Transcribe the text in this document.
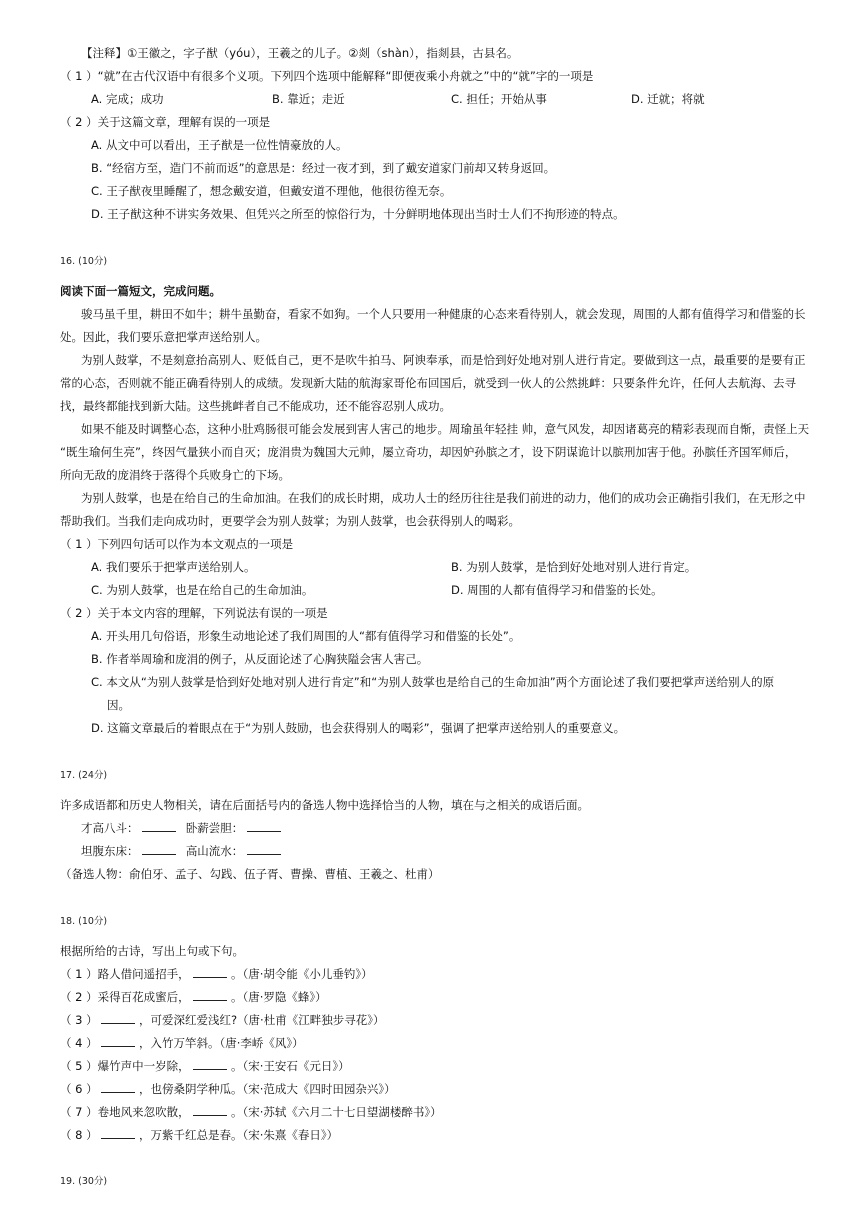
【注释】①王徽之，字子猷（yóu），王羲之的儿子。②剡（shàn），指剡县，古县名。
（ 1 ）“就”在古代汉语中有很多个义项。下列四个选项中能解释“即便夜乘小舟就之”中的“就”字的一项是
A. 完成；成功	B. 靠近；走近	C. 担任；开始从事	D. 迁就；将就
（ 2 ）关于这篇文章，理解有误的一项是
A. 从文中可以看出，王子猷是一位性情豪放的人。
B. “经宿方至，造门不前而返”的意思是：经过一夜才到，到了戴安道家门前却又转身返回。
C. 王子猷夜里睡醒了，想念戴安道，但戴安道不理他，他很彷徨无奈。
D. 王子猷这种不讲实务效果、但凭兴之所至的惊俗行为，十分鲜明地体现出当时士人们不拘形迹的特点。
16. (10分)
阅读下面一篇短文，完成问题。
骏马虽千里，耕田不如牛；耕牛虽勤奋，看家不如狗。一个人只要用一种健康的心态来看待别人，就会发现，周围的人都有值得学习和借鉴的长
处。因此，我们要乐意把掌声送给别人。
为别人鼓掌，不是刻意抬高别人、贬低自己，更不是吹牛拍马、阿谀奉承，而是恰到好处地对别人进行肯定。要做到这一点，最重要的是要有正
常的心态，否则就不能正确看待别人的成绩。发现新大陆的航海家哥伦布回国后，就受到一伙人的公然挑衅：只要条件允许，任何人去航海、去寻
找，最终都能找到新大陆。这些挑衅者自己不能成功，还不能容忍别人成功。
如果不能及时调整心态，这种小肚鸡肠很可能会发展到害人害己的地步。周瑜虽年轻挂 帅，意气风发，却因诸葛亮的精彩表现而自惭，责怪上天
“既生瑜何生亮”，终因气量狭小而自灭；庞涓贵为魏国大元帅，屡立奇功，却因妒孙膑之才，设下阴谋诡计以膑刑加害于他。孙膑任齐国军师后，
所向无敌的庞涓终于落得个兵败身亡的下场。
为别人鼓掌，也是在给自己的生命加油。在我们的成长时期，成功人士的经历往往是我们前进的动力，他们的成功会正确指引我们，在无形之中
帮助我们。当我们走向成功时，更要学会为别人鼓掌；为别人鼓掌，也会获得别人的喝彩。
（ 1 ）下列四句话可以作为本文观点的一项是
A. 我们要乐于把掌声送给别人。	B. 为别人鼓掌，是恰到好处地对别人进行肯定。
C. 为别人鼓掌，也是在给自己的生命加油。	D. 周围的人都有值得学习和借鉴的长处。
（ 2 ）关于本文内容的理解，下列说法有误的一项是
A. 开头用几句俗语，形象生动地论述了我们周围的人“都有值得学习和借鉴的长处”。
B. 作者举周瑜和庞涓的例子，从反面论述了心胸狭隘会害人害己。
C. 本文从“为别人鼓掌是恰到好处地对别人进行肯定”和“为别人鼓掌也是给自己的生命加油”两个方面论述了我们要把掌声送给别人的原
因。
D. 这篇文章最后的着眼点在于“为别人鼓励，也会获得别人的喝彩”，强调了把掌声送给别人的重要意义。
17. (24分)
许多成语都和历史人物相关，请在后面括号内的备选人物中选择恰当的人物，填在与之相关的成语后面。
才高八斗：	卧薪尝胆：
坦腹东床：	高山流水：
（备选人物：俞伯牙、孟子、勾践、伍子胥、曹操、曹植、王羲之、杜甫）
18. (10分)
根据所给的古诗，写出上句或下句。
（ 1 ）路人借问遥招手，	。（唐·胡令能《小儿垂钓》）
（ 2 ）采得百花成蜜后，	。（唐·罗隐《蜂》）
（ 3 ）	，可爱深红爱浅红?（唐·杜甫《江畔独步寻花》）
（ 4 ）	，入竹万竿斜。（唐·李峤《风》）
（ 5 ）爆竹声中一岁除，	。（宋·王安石《元日》）
（ 6 ）	，也傍桑阴学种瓜。（宋·范成大《四时田园杂兴》）
（ 7 ）卷地风来忽吹散，	。（宋·苏轼《六月二十七日望湖楼醉书》）
（ 8 ）	，万紫千红总是春。（宋·朱熹《春日》）
19. (30分)
